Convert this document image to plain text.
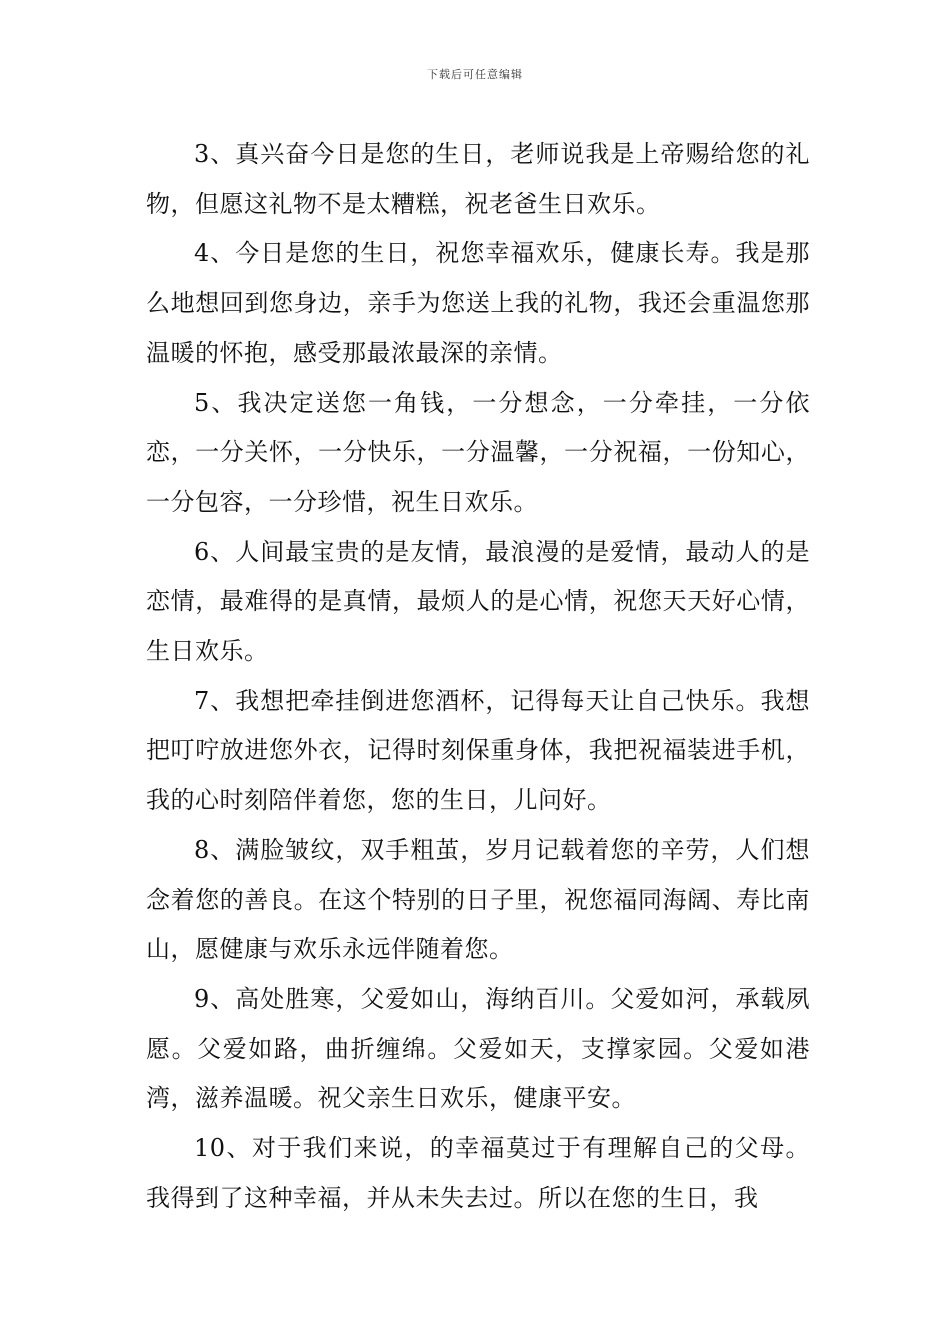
下载后可任意编辑

3、真兴奋今日是您的生日，老师说我是上帝赐给您的礼物，但愿这礼物不是太糟糕，祝老爸生日欢乐。

4、今日是您的生日，祝您幸福欢乐，健康长寿。我是那么地想回到您身边，亲手为您送上我的礼物，我还会重温您那温暖的怀抱，感受那最浓最深的亲情。

5、我决定送您一角钱，一分想念，一分牵挂，一分依恋，一分关怀，一分快乐，一分温馨，一分祝福，一份知心，一分包容，一分珍惜，祝生日欢乐。

6、人间最宝贵的是友情，最浪漫的是爱情，最动人的是恋情，最难得的是真情，最烦人的是心情，祝您天天好心情，生日欢乐。

7、我想把牵挂倒进您酒杯，记得每天让自己快乐。我想把叮咛放进您外衣，记得时刻保重身体，我把祝福装进手机，我的心时刻陪伴着您，您的生日，儿问好。

8、满脸皱纹，双手粗茧，岁月记载着您的辛劳，人们想念着您的善良。在这个特别的日子里，祝您福同海阔、寿比南山，愿健康与欢乐永远伴随着您。

9、高处胜寒，父爱如山，海纳百川。父爱如河，承载夙愿。父爱如路，曲折缠绵。父爱如天，支撑家园。父爱如港湾，滋养温暖。祝父亲生日欢乐，健康平安。

10、对于我们来说，的幸福莫过于有理解自己的父母。我得到了这种幸福，并从未失去过。所以在您的生日，我
